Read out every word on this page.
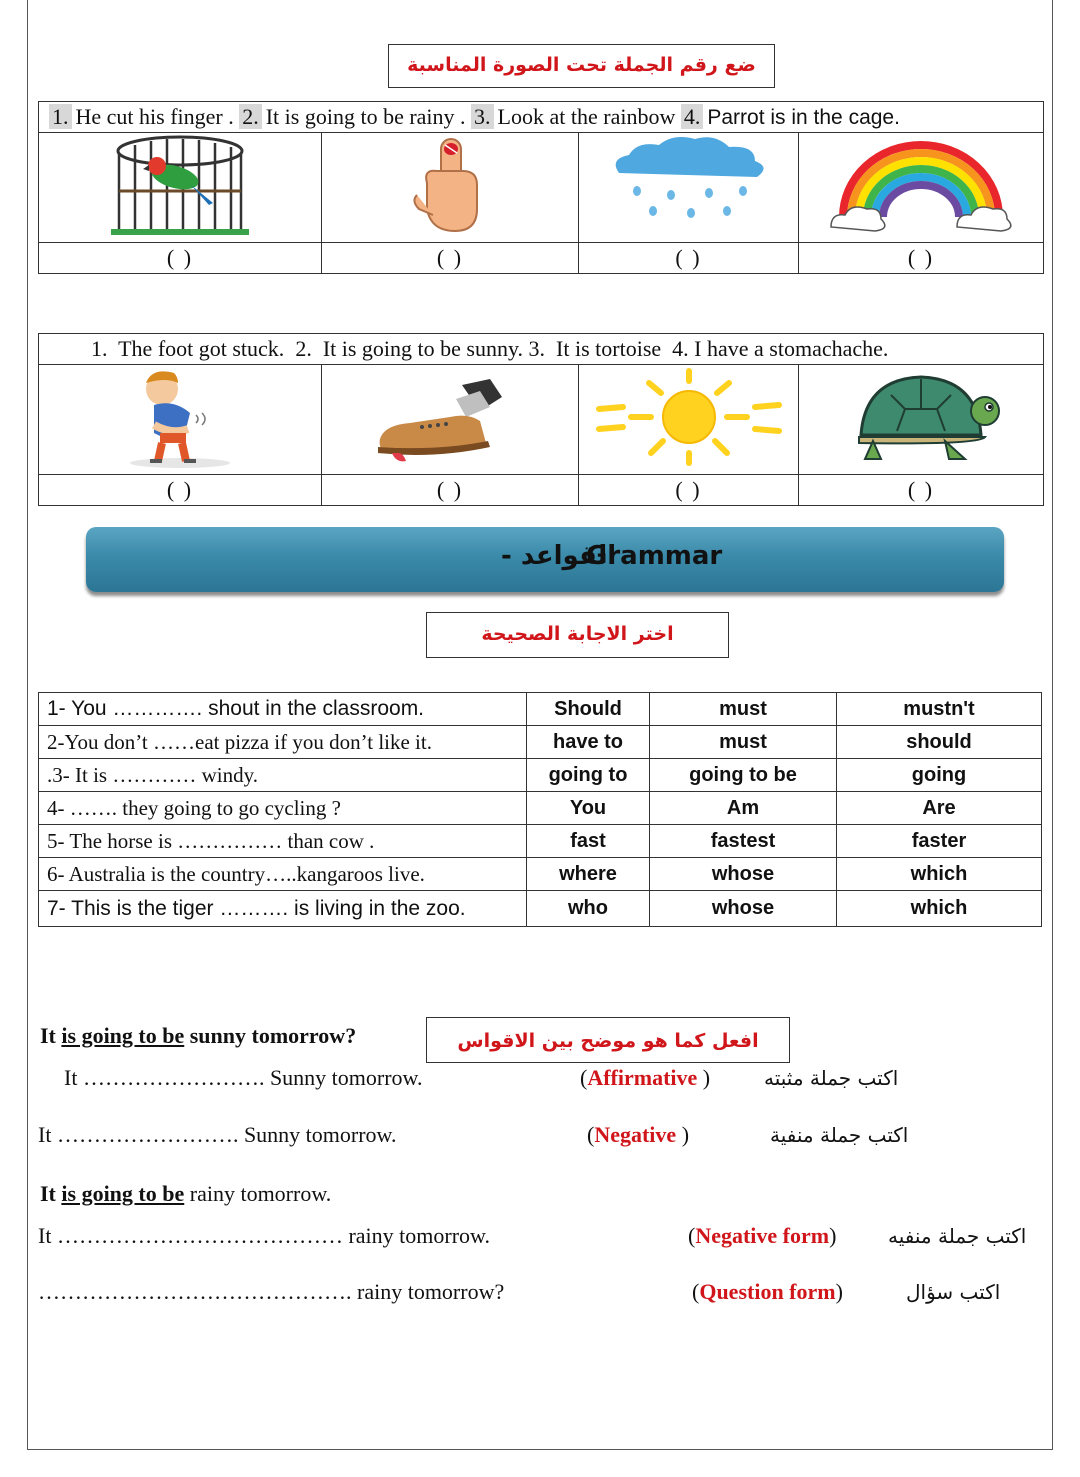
ضع رقم الجملة تحت الصورة المناسبة
1. He cut his finger . 2. It is going to be rainy . 3. Look at the rainbow 4. Parrot is in the cage.			

( )	( )	( )	( )
1. The foot got stuck. 2. It is going to be sunny. 3. It is tortoise 4. I have a stomachache.			

( )	( )	( )	( )
القواعد -
Grammar
اختر الاجابة الصحيحة
1- You …………. shout in the classroom.	Should	must	mustn't
2-You don’t ……eat pizza if you don’t like it.	have to	must	should
.3- It is ………… windy.	going to	going to be	going
4- ……. they going to go cycling ?	You	Am	Are
5- The horse is …………… than cow .	fast	fastest	faster
6- Australia is the country…..kangaroos live.	where	whose	which
7- This is the tiger ………. is living in the zoo.	who	whose	which
It is going to be sunny tomorrow?	افعل كما هو موضح بين الاقواس
It ……………………. Sunny tomorrow.	(Affirmative )	اكتب جملة مثبته
It ……………………. Sunny tomorrow.	(Negative )	اكتب جملة منفية
It is going to be rainy tomorrow.
It ………………………………… rainy tomorrow.	(Negative form)	اكتب جملة منفيه
……………………………………. rainy tomorrow?	(Question form)	اكتب سؤال
